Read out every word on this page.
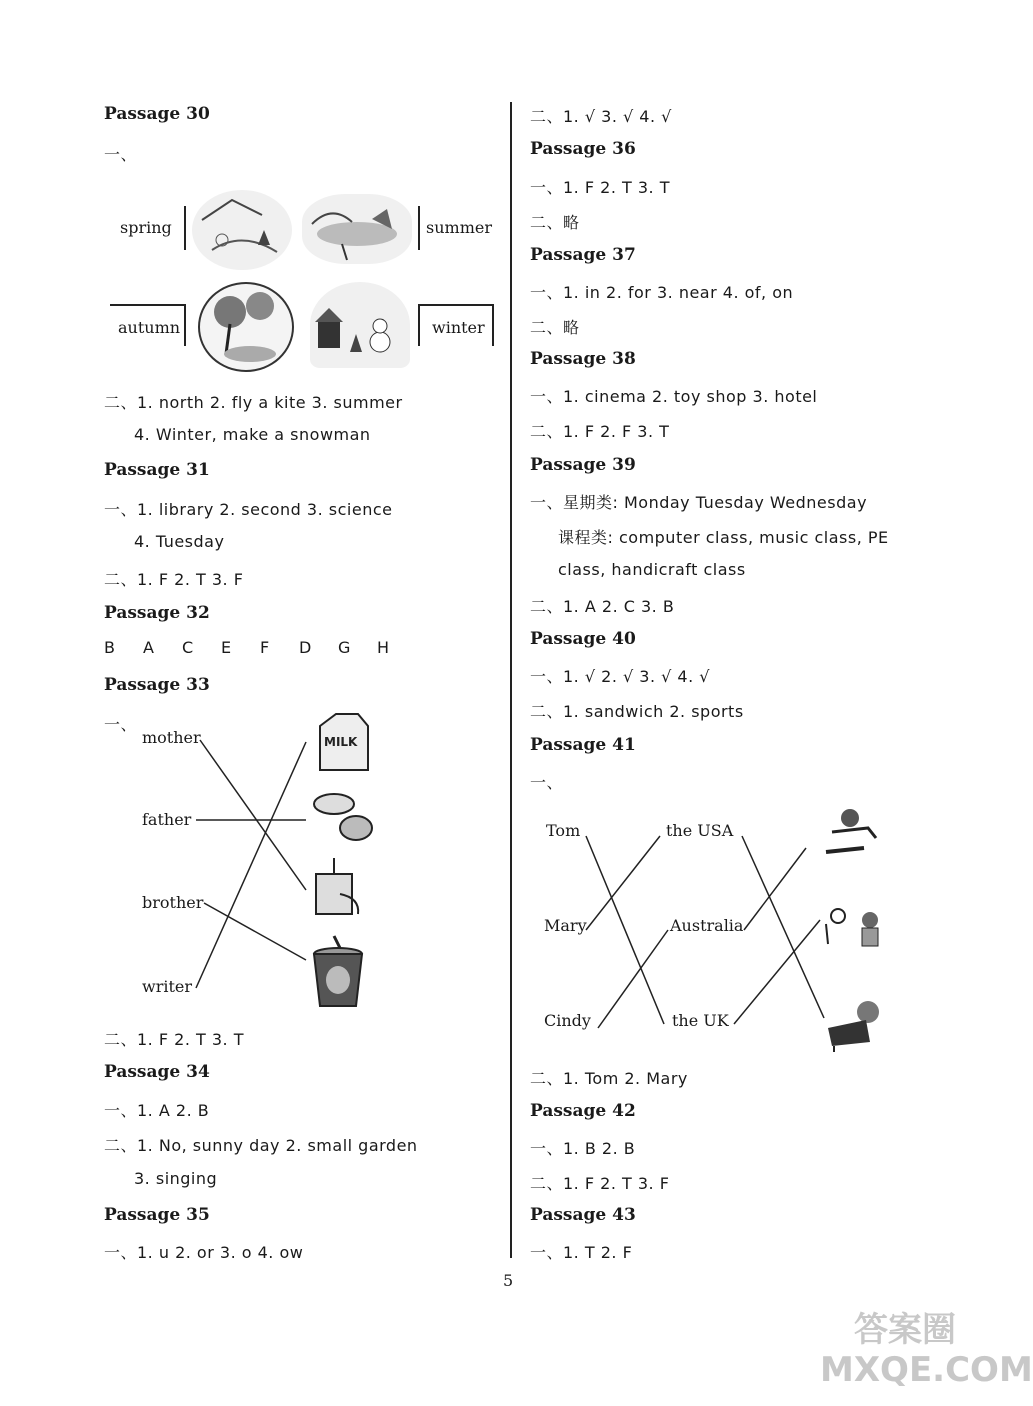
Passage 30
一、
spring	summer
autumn	winter
二、1. north 2. fly a kite 3. summer
4. Winter, make a snowman
Passage 31
一、1. library 2. second 3. science
4. Tuesday
二、1. F 2. T 3. F
Passage 32
B A C E F D G H
Passage 33
一、
mother
father
brother
writer
MILK
二、1. F 2. T 3. T
Passage 34
一、1. A 2. B
二、1. No, sunny day 2. small garden
3. singing
Passage 35
一、1. u 2. or 3. o 4. ow
二、1. √ 3. √ 4. √
Passage 36
一、1. F 2. T 3. T
二、略
Passage 37
一、1. in 2. for 3. near 4. of, on
二、略
Passage 38
一、1. cinema 2. toy shop 3. hotel
二、1. F 2. F 3. T
Passage 39
一、星期类: Monday Tuesday Wednesday
课程类: computer class, music class, PE
class, handicraft class
二、1. A 2. C 3. B
Passage 40
一、1. √ 2. √ 3. √ 4. √
二、1. sandwich 2. sports
Passage 41
一、
Tom
Mary
Cindy
the USA
Australia
the UK
二、1. Tom 2. Mary
Passage 42
一、1. B 2. B
二、1. F 2. T 3. F
Passage 43
一、1. T 2. F
5
答案圈 MXQE.COM
